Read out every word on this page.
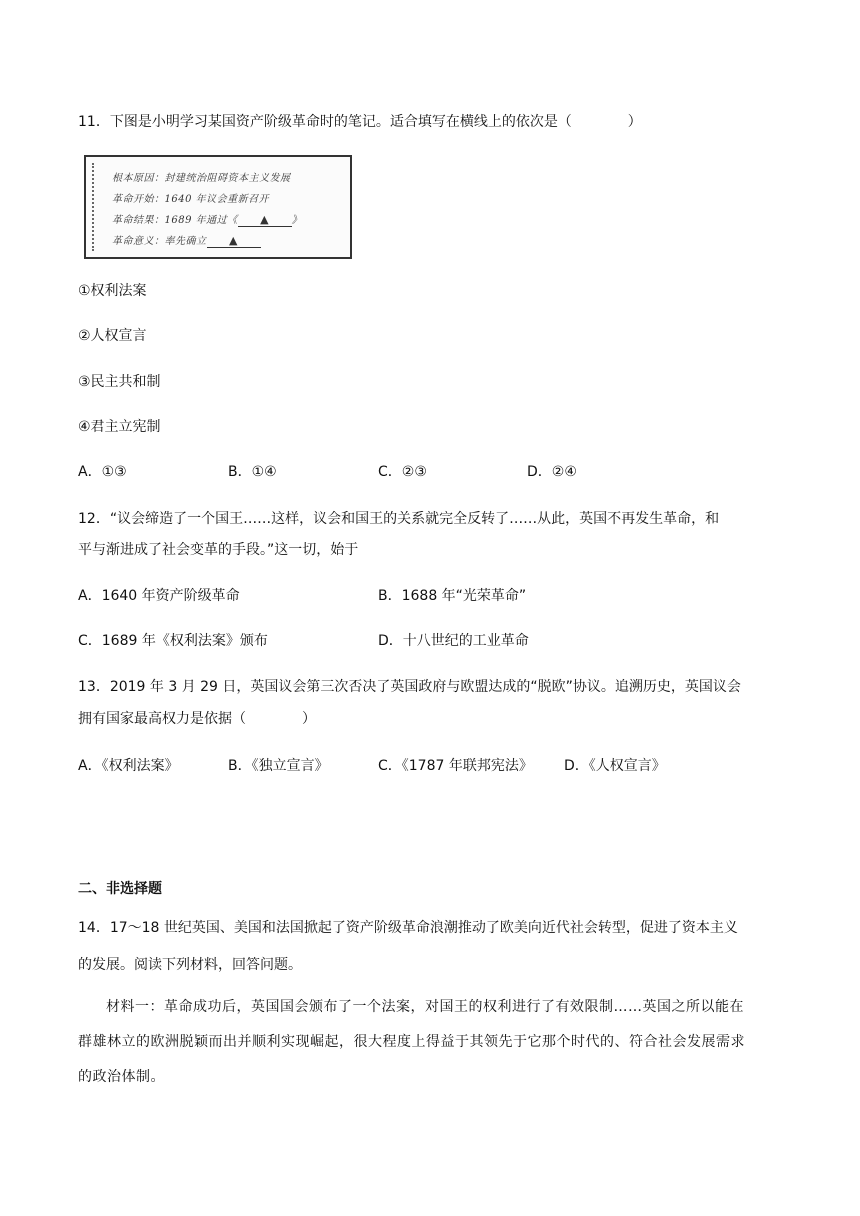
11．下图是小明学习某国资产阶级革命时的笔记。适合填写在横线上的依次是（　　　　）
根本原因：封建统治阻碍资本主义发展
革命开始：1640 年议会重新召开
革命结果：1689 年通过《 ▲ 》
革命意义：率先确立 ▲
①权利法案
②人权宣言
③民主共和制
④君主立宪制
A．①③	B．①④	C．②③	D．②④
12．“议会缔造了一个国王……这样，议会和国王的关系就完全反转了……从此，英国不再发生革命，和
平与渐进成了社会变革的手段。”这一切，始于
A．1640 年资产阶级革命	B．1688 年“光荣革命”
C．1689 年《权利法案》颁布	D．十八世纪的工业革命
13．2019 年 3 月 29 日，英国议会第三次否决了英国政府与欧盟达成的“脱欧”协议。追溯历史，英国议会
拥有国家最高权力是依据（　　　　）
A．《权利法案》	B．《独立宣言》	C．《1787 年联邦宪法》 D．《人权宣言》
二、非选择题
14．17～18 世纪英国、美国和法国掀起了资产阶级革命浪潮推动了欧美向近代社会转型，促进了资本主义
的发展。阅读下列材料，回答问题。
材料一：革命成功后，英国国会颁布了一个法案，对国王的权利进行了有效限制……英国之所以能在
群雄林立的欧洲脱颖而出并顺利实现崛起，很大程度上得益于其领先于它那个时代的、符合社会发展需求
的政治体制。
